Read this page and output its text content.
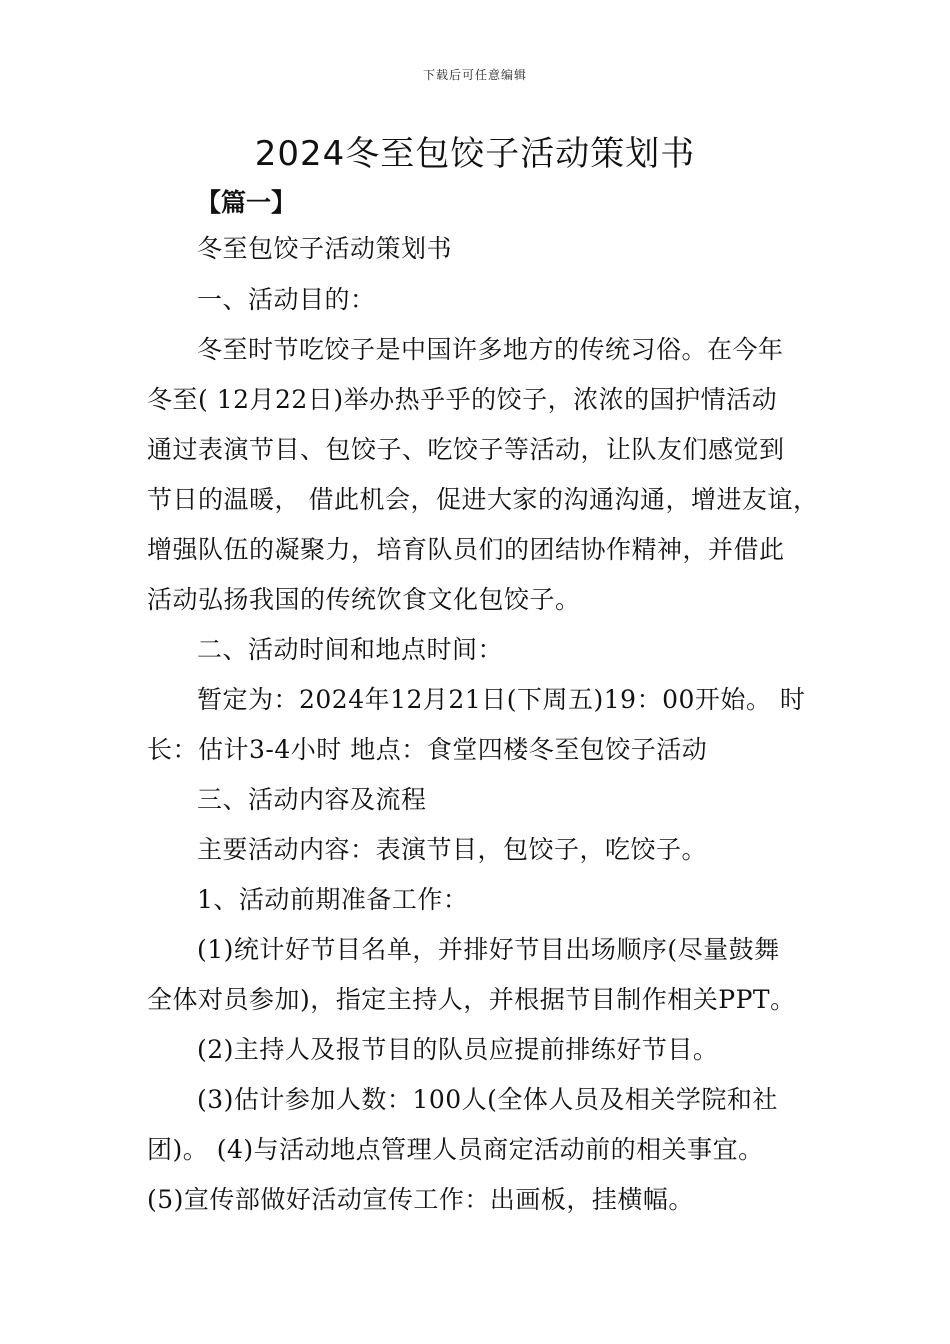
下载后可任意编辑
2024冬至包饺子活动策划书
【篇一】
冬至包饺子活动策划书
一、活动目的：
冬至时节吃饺子是中国许多地方的传统习俗。在今年
冬至( 12月22日)举办热乎乎的饺子，浓浓的国护情活动
通过表演节目、包饺子、吃饺子等活动，让队友们感觉到
节日的温暖， 借此机会，促进大家的沟通沟通，增进友谊，
增强队伍的凝聚力，培育队员们的团结协作精神，并借此
活动弘扬我国的传统饮食文化包饺子。
二、活动时间和地点时间：
暂定为：2024年12月21日(下周五)19：00开始。 时
长：估计3-4小时 地点：食堂四楼冬至包饺子活动
三、活动内容及流程
主要活动内容：表演节目，包饺子，吃饺子。
1、活动前期准备工作：
(1)统计好节目名单，并排好节目出场顺序(尽量鼓舞
全体对员参加)，指定主持人，并根据节目制作相关PPT。
(2)主持人及报节目的队员应提前排练好节目。
(3)估计参加人数：100人(全体人员及相关学院和社
团)。 (4)与活动地点管理人员商定活动前的相关事宜。
(5)宣传部做好活动宣传工作：出画板，挂横幅。
